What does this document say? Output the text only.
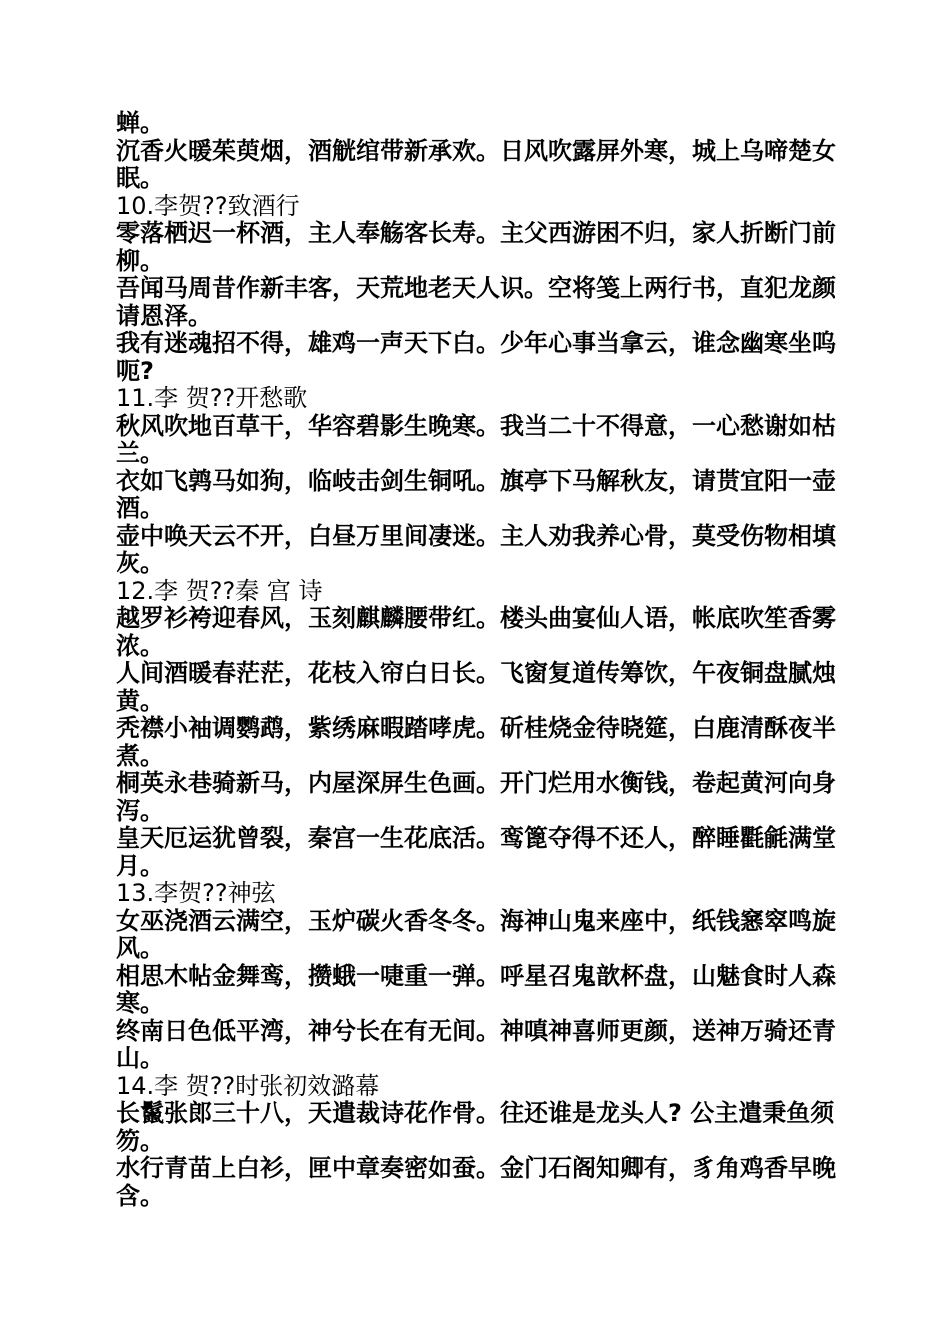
蝉。
沉香火暖茱萸烟，酒觥绾带新承欢。日风吹露屏外寒，城上乌啼楚女
眠。
10.李贺??致酒行
零落栖迟一杯酒，主人奉觞客长寿。主父西游困不归，家人折断门前
柳。
吾闻马周昔作新丰客，天荒地老天人识。空将笺上两行书，直犯龙颜
请恩泽。
我有迷魂招不得，雄鸡一声天下白。少年心事当拿云，谁念幽寒坐呜
呃?
11.李 贺??开愁歌
秋风吹地百草干，华容碧影生晚寒。我当二十不得意，一心愁谢如枯
兰。
衣如飞鹑马如狗，临岐击剑生铜吼。旗亭下马解秋友，请贳宜阳一壶
酒。
壶中唤天云不开，白昼万里间凄迷。主人劝我养心骨，莫受伤物相填
灰。
12.李 贺??秦 宫 诗
越罗衫袴迎春风，玉刻麒麟腰带红。楼头曲宴仙人语，帐底吹笙香雾
浓。
人间酒暖春茫茫，花枝入帘白日长。飞窗复道传筹饮，午夜铜盘腻烛
黄。
秃襟小袖调鹦鹉，紫绣麻暇踏哮虎。斫桂烧金待晓筵，白鹿清酥夜半
煮。
桐英永巷骑新马，内屋深屏生色画。开门烂用水衡钱，卷起黄河向身
泻。
皇天厄运犹曾裂，秦宫一生花底活。鸾篦夺得不还人，醉睡氍毹满堂
月。
13.李贺??神弦
女巫浇酒云满空，玉炉碳火香冬冬。海神山鬼来座中，纸钱窸窣鸣旋
风。
相思木帖金舞鸾，攒蛾一啑重一弹。呼星召鬼歆杯盘，山魅食时人森
寒。
终南日色低平湾，神兮长在有无间。神嗔神喜师更颜，送神万骑还青
山。
14.李 贺??时张初效潞幕
长鬣张郎三十八，天遣裁诗花作骨。往还谁是龙头人? 公主遣秉鱼须
笏。
水行青苗上白衫，匣中章奏密如蚕。金门石阁知卿有，豸角鸡香早晚
含。
